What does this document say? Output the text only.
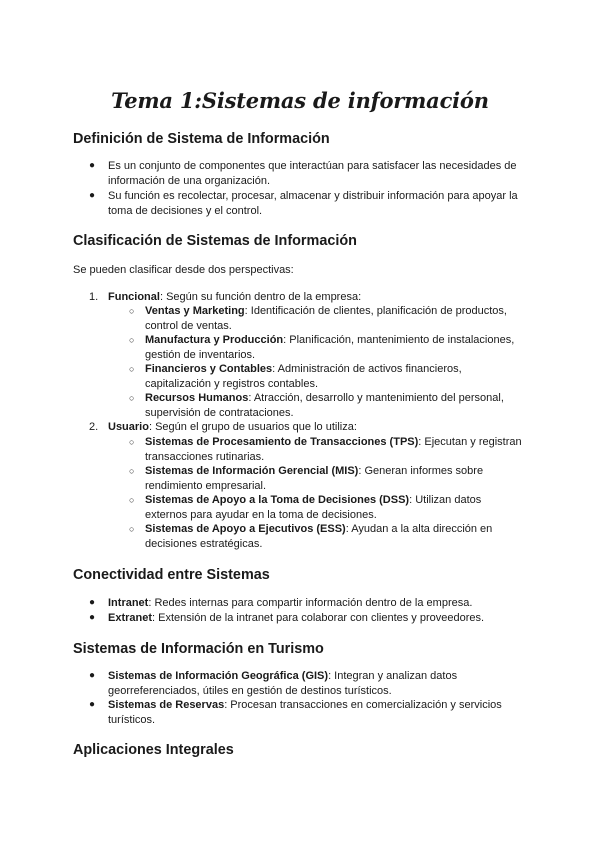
Tema 1:Sistemas de información
Definición de Sistema de Información
● Es un conjunto de componentes que interactúan para satisfacer las necesidades de información de una organización.

● Su función es recolectar, procesar, almacenar y distribuir información para apoyar la toma de decisiones y el control.

Clasificación de Sistemas de Información

Se pueden clasificar desde dos perspectivas:

1. Funcional: Según su función dentro de la empresa:

○ Ventas y Marketing: Identificación de clientes, planificación de productos, control de ventas.

○ Manufactura y Producción: Planificación, mantenimiento de instalaciones, gestión de inventarios.

○ Financieros y Contables: Administración de activos financieros, capitalización y registros contables.

○ Recursos Humanos: Atracción, desarrollo y mantenimiento del personal, supervisión de contrataciones.

2. Usuario: Según el grupo de usuarios que lo utiliza:

○ Sistemas de Procesamiento de Transacciones (TPS): Ejecutan y registran transacciones rutinarias.

○ Sistemas de Información Gerencial (MIS): Generan informes sobre rendimiento empresarial.

○ Sistemas de Apoyo a la Toma de Decisiones (DSS): Utilizan datos externos para ayudar en la toma de decisiones.

○ Sistemas de Apoyo a Ejecutivos (ESS): Ayudan a la alta dirección en decisiones estratégicas.

Conectividad entre Sistemas
● Intranet: Redes internas para compartir información dentro de la empresa.

● Extranet: Extensión de la intranet para colaborar con clientes y proveedores.

Sistemas de Información en Turismo
● Sistemas de Información Geográfica (GIS): Integran y analizan datos georreferenciados, útiles en gestión de destinos turísticos.

● Sistemas de Reservas: Procesan transacciones en comercialización y servicios turísticos.

Aplicaciones Integrales
